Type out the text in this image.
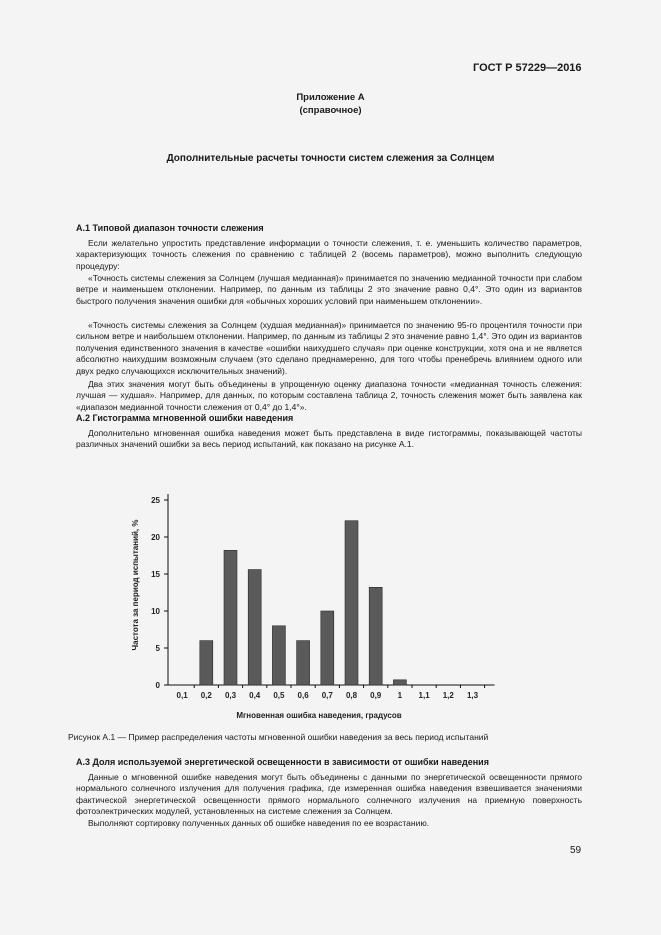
ГОСТ Р 57229—2016
Приложение А
(справочное)
Дополнительные расчеты точности систем слежения за Солнцем
А.1 Типовой диапазон точности слежения

Если желательно упростить представление информации о точности слежения, т. е. уменьшить количество параметров, характеризующих точность слежения по сравнению с таблицей 2 (восемь параметров), можно выполнить следующую процедуру:

«Точность системы слежения за Солнцем (лучшая медианная)» принимается по значению медианной точности при слабом ветре и наименьшем отклонении. Например, по данным из таблицы 2 это значение равно 0,4°. Это один из вариантов быстрого получения значения ошибки для «обычных хороших условий при наименьшем отклонении».

«Точность системы слежения за Солнцем (худшая медианная)» принимается по значению 95-го процентиля точности при сильном ветре и наибольшем отклонении. Например, по данным из таблицы 2 это значение равно 1,4°. Это один из вариантов получения единственного значения в качестве «ошибки наихудшего случая» при оценке конструкции, хотя она и не является абсолютно наихудшим возможным случаем (это сделано преднамеренно, для того чтобы пренебречь влиянием одного или двух редко случающихся исключительных значений).

Два этих значения могут быть объединены в упрощенную оценку диапазона точности «медианная точность слежения: лучшая — худшая». Например, для данных, по которым составлена таблица 2, точность слежения может быть заявлена как «диапазон медианной точности слежения от 0,4° до 1,4°».

А.2 Гистограмма мгновенной ошибки наведения

Дополнительно мгновенная ошибка наведения может быть представлена в виде гистограммы, показывающей частоты различных значений ошибки за весь период испытаний, как показано на рисунке А.1.

Частота за период испытаний, %
Мгновенная ошибка наведения, градусов
0
5
10
15
20
25
0,1 0,2 0,3 0,4 0,5 0,6 0,7 0,8 0,9 1 1,1 1,2 1,3
Рисунок А.1 — Пример распределения частоты мгновенной ошибки наведения за весь период испытаний
А.3 Доля используемой энергетической освещенности в зависимости от ошибки наведения

Данные о мгновенной ошибке наведения могут быть объединены с данными по энергетической освещенности прямого нормального солнечного излучения для получения графика, где измеренная ошибка наведения взвешивается значениями фактической энергетической освещенности прямого нормального солнечного излучения на приемную поверхность фотоэлектрических модулей, установленных на системе слежения за Солнцем.

Выполняют сортировку полученных данных об ошибке наведения по ее возрастанию.

59
